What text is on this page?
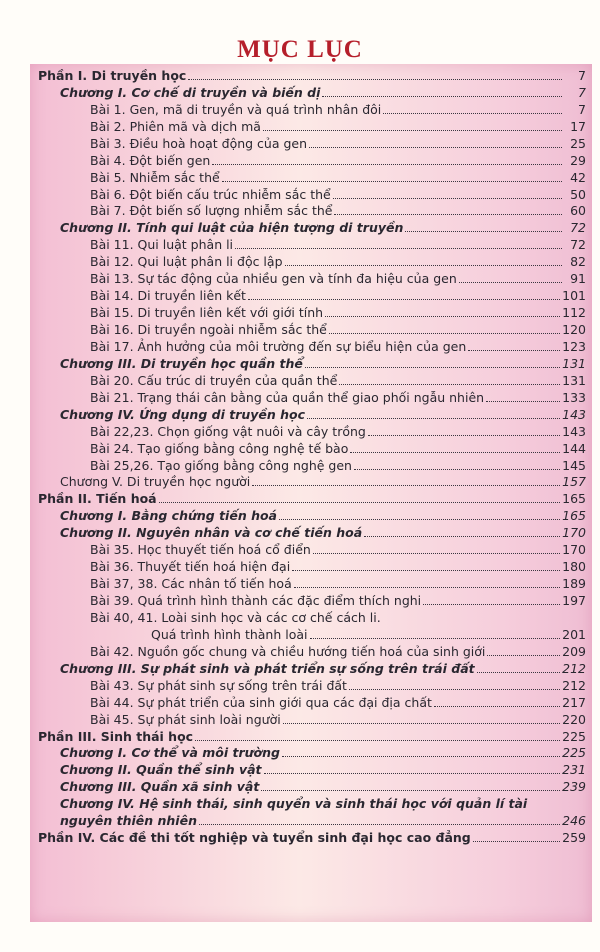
MỤC LỤC
Phần I. Di truyền học	7
Chương I. Cơ chế di truyền và biến dị	7
Bài 1. Gen, mã di truyền và quá trình nhân đôi	7
Bài 2. Phiên mã và dịch mã	17
Bài 3. Điều hoà hoạt động của gen	25
Bài 4. Đột biến gen	29
Bài 5. Nhiễm sắc thể	42
Bài 6. Đột biến cấu trúc nhiễm sắc thể	50
Bài 7. Đột biến số lượng nhiễm sắc thể	60
Chương II. Tính qui luật của hiện tượng di truyền	72
Bài 11. Qui luật phân li	72
Bài 12. Qui luật phân li độc lập	82
Bài 13. Sự tác động của nhiều gen và tính đa hiệu của gen	91
Bài 14. Di truyền liên kết	101
Bài 15. Di truyền liên kết với giới tính	112
Bài 16. Di truyền ngoài nhiễm sắc thể	120
Bài 17. Ảnh hưởng của môi trường đến sự biểu hiện của gen	123
Chương III. Di truyền học quần thể	131
Bài 20. Cấu trúc di truyền của quần thể	131
Bài 21. Trạng thái cân bằng của quần thể giao phối ngẫu nhiên	133
Chương IV. Ứng dụng di truyền học	143
Bài 22,23. Chọn giống vật nuôi và cây trồng	143
Bài 24. Tạo giống bằng công nghệ tế bào	144
Bài 25,26. Tạo giống bằng công nghệ gen	145
Chương V. Di truyền học người	157
Phần II. Tiến hoá	165
Chương I. Bằng chứng tiến hoá	165
Chương II. Nguyên nhân và cơ chế tiến hoá	170
Bài 35. Học thuyết tiến hoá cổ điển	170
Bài 36. Thuyết tiến hoá hiện đại	180
Bài 37, 38. Các nhân tố tiến hoá	189
Bài 39. Quá trình hình thành các đặc điểm thích nghi	197
Bài 40, 41. Loài sinh học và các cơ chế cách li.
Quá trình hình thành loài	201
Bài 42. Nguồn gốc chung và chiều hướng tiến hoá của sinh giới	209
Chương III. Sự phát sinh và phát triển sự sống trên trái đất	212
Bài 43. Sự phát sinh sự sống trên trái đất	212
Bài 44. Sự phát triển của sinh giới qua các đại địa chất	217
Bài 45. Sự phát sinh loài người	220
Phần III. Sinh thái học	225
Chương I. Cơ thể và môi trường	225
Chương II. Quần thể sinh vật	231
Chương III. Quần xã sinh vật	239
Chương IV. Hệ sinh thái, sinh quyển và sinh thái học với quản lí tài
nguyên thiên nhiên	246
Phần IV. Các đề thi tốt nghiệp và tuyển sinh đại học cao đẳng	259
